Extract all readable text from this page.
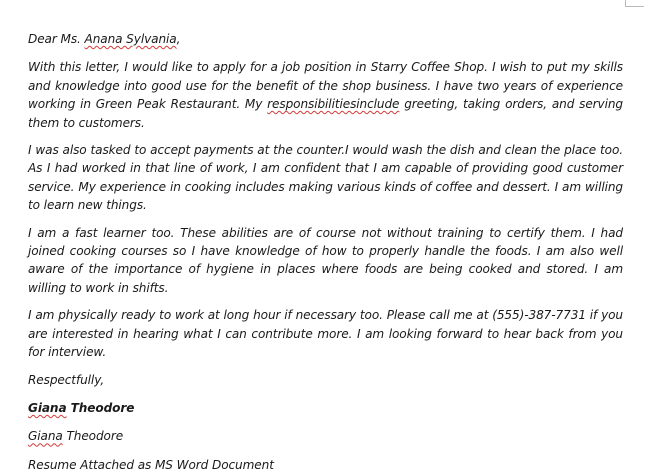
Dear Ms. Anana Sylvania,

With this letter, I would like to apply for a job position in Starry Coffee Shop. I wish to put my skills and knowledge into good use for the benefit of the shop business. I have two years of experience working in Green Peak Restaurant. My responsibilitiesinclude greeting, taking orders, and serving them to customers.

I was also tasked to accept payments at the counter.I would wash the dish and clean the place too. As I had worked in that line of work, I am confident that I am capable of providing good customer service. My experience in cooking includes making various kinds of coffee and dessert. I am willing to learn new things.

I am a fast learner too. These abilities are of course not without training to certify them. I had joined cooking courses so I have knowledge of how to properly handle the foods. I am also well aware of the importance of hygiene in places where foods are being cooked and stored. I am willing to work in shifts.

I am physically ready to work at long hour if necessary too. Please call me at (555)-387-7731 if you are interested in hearing what I can contribute more. I am looking forward to hear back from you for interview.

Respectfully,

Giana Theodore

Giana Theodore

Resume Attached as MS Word Document
